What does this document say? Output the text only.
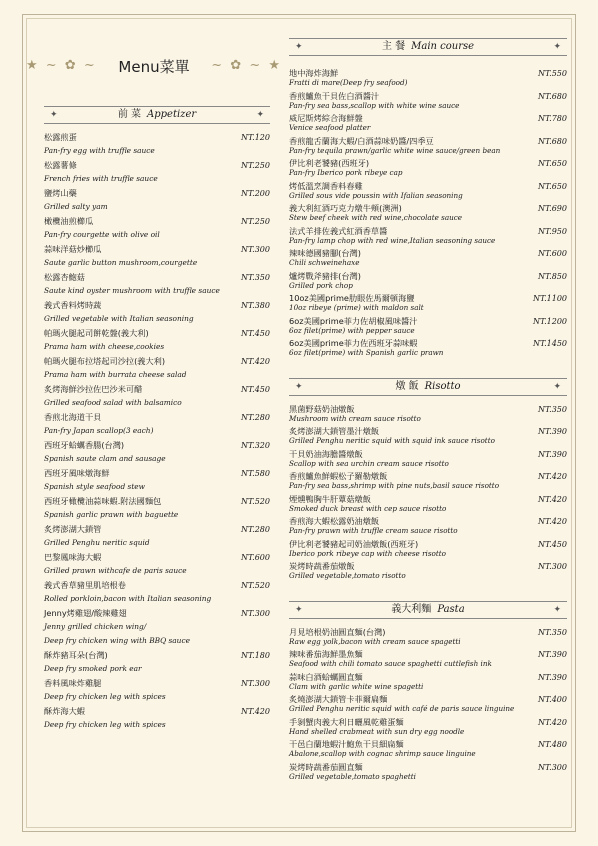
★ ~ ✿ ~	Menu菜單	~ ✿ ~ ★
✦	前 菜 Appetizer	✦
松露煎蛋
Pan-fry egg with truffle sauce
NT.120
松露薯條
French fries with truffle sauce
NT.250
鹽烤山藥
Grilled salty yam
NT.200
橄欖油煎櫛瓜
Pan-fry courgette with olive oil
NT.250
蒜味洋菇炒櫛瓜
Saute garlic button mushroom,courgette
NT.300
松露杏鮑菇
Saute kind oyster mushroom with truffle sauce
NT.350
義式香料烤時蔬
Grilled vegetable with Italian seasoning
NT.380
帕瑪火腿起司餅乾盤(義大利)
Prama ham with cheese,cookies
NT.450
帕瑪火腿布拉塔起司沙拉(義大利)
Prama ham with burrata cheese salad
NT.420
炙烤海鮮沙拉佐巴沙米可醋
Grilled seafood salad with balsamico
NT.450
香煎北海道干貝
Pan-fry Japan scallop(3 each)
NT.280
西班牙蛤蠣香腸(台灣)
Spanish saute clam and sausage
NT.320
西班牙風味燉海鮮
Spanish style seafood stew
NT.580
西班牙橄欖油蒜味蝦.附法國麵包
Spanish garlic prawn with baguette
NT.520
炙烤澎湖大鎖管
Grilled Penghu neritic squid
NT.280
巴黎鳳味海大蝦
Grilled prawn withcafe de paris sauce
NT.600
義式香草豬里肌培根卷
Rolled porkloin,bacon with Italian seasoning
NT.520
Jenny烤雞翅/酸辣雞翅
Jenny grilled chicken wing/
Deep fry chicken wing with BBQ sauce
NT.300
酥炸豬耳朵(台灣)
Deep fry smoked pork ear
NT.180
香料風味炸雞腿
Deep fry chicken leg with spices
NT.300
酥炸海大蝦
Deep fry chicken leg with spices
NT.420
✦	主 餐 Main course	✦
地中海炸海鮮
Fratti di mare(Deep fry seafood)
NT.550
香煎鱸魚干貝佐白酒醬汁
Pan-fry sea bass,scallop with white wine sauce
NT.680
威尼斯烤綜合海鮮盤
Venice seafood platter
NT.780
香煎龍舌蘭海大蝦/白酒蒜味奶醬/四季豆
Pan-fry tequila prawn/garlic white wine sauce/green bean
NT.680
伊比利老饕豬(西班牙)
Pan-fry Iberico pork ribeye cap
NT.650
烤低溫烹調香料春雞
Grilled sous vide poussin with Ifalian seasoning
NT.650
義大利紅酒巧克力燉牛頰(澳洲)
Stew beef cheek with red wine,chocolate sauce
NT.690
法式羊排佐義式紅酒香草醬
Pan-fry lamp chop with red wine,Italian seasoning sauce
NT.950
辣味德國豬腳(台灣)
Chili schweinehaxe
NT.600
爐烤戰斧豬排(台灣)
Grilled pork chop
NT.850
10oz美國prime肋眼佐馬爾頓海鹽
10oz ribeye (prime) with maldon salt
NT.1100
6oz美國prime菲力佐胡椒風味醬汁
6oz filet(prime) with pepper sauce
NT.1200
6oz美國prime菲力佐西班牙蒜味蝦
6oz filet(prime) with Spanish garlic prawn
NT.1450
✦	燉 飯 Risotto	✦
黑菌野菇奶油燉飯
Mushroom with cream sauce risotto
NT.350
炙烤澎湖大鎖管墨汁燉飯
Grilled Penghu neritic squid with squid ink sauce risotto
NT.390
干貝奶油海膽醬燉飯
Scallop with sea urchin cream sauce risotto
NT.390
香煎鱸魚鮮蝦松子羅勒燉飯
Pan-fry sea bass,shrimp with pine nuts,basil sauce risotto
NT.420
煙燻鴨胸牛肝蕈菇燉飯
Smoked duck breast with cep sauce risotto
NT.420
香煎海大蝦松露奶油燉飯
Pan-fry prawn with truffle cream sauce risotto
NT.420
伊比利老饕豬起司奶油燉飯(西班牙)
Iberico pork ribeye cap with cheese risotto
NT.450
炭烤時蔬番茄燉飯
Grilled vegetable,tomato risotto
NT.300
✦	義大利麵 Pasta	✦
月見培根奶油圓直麵(台灣)
Raw egg yolk,bacon with cream sauce spagetti
NT.350
辣味番茄海鮮墨魚麵
Seafood with chili tomato sauce spaghetti cuttlefish ink
NT.390
蒜味白酒蛤蠣圓直麵
Clam with garlic white wine spagetti
NT.390
炙燒澎湖大鎖管卡菲爾扁麵
Grilled Penghu neritic squid with café de paris sauce linguine
NT.400
手剝蟹肉義大利日曬風乾雞蛋麵
Hand shelled crabmeat with sun dry egg noodle
NT.420
干邑白蘭地蝦汁鮑魚干貝細扁麵
Abalone,scallop with cognac shrimp sauce linguine
NT.480
炭烤時蔬番茄圓直麵
Grilled vegetable,tomato spaghetti
NT.300
